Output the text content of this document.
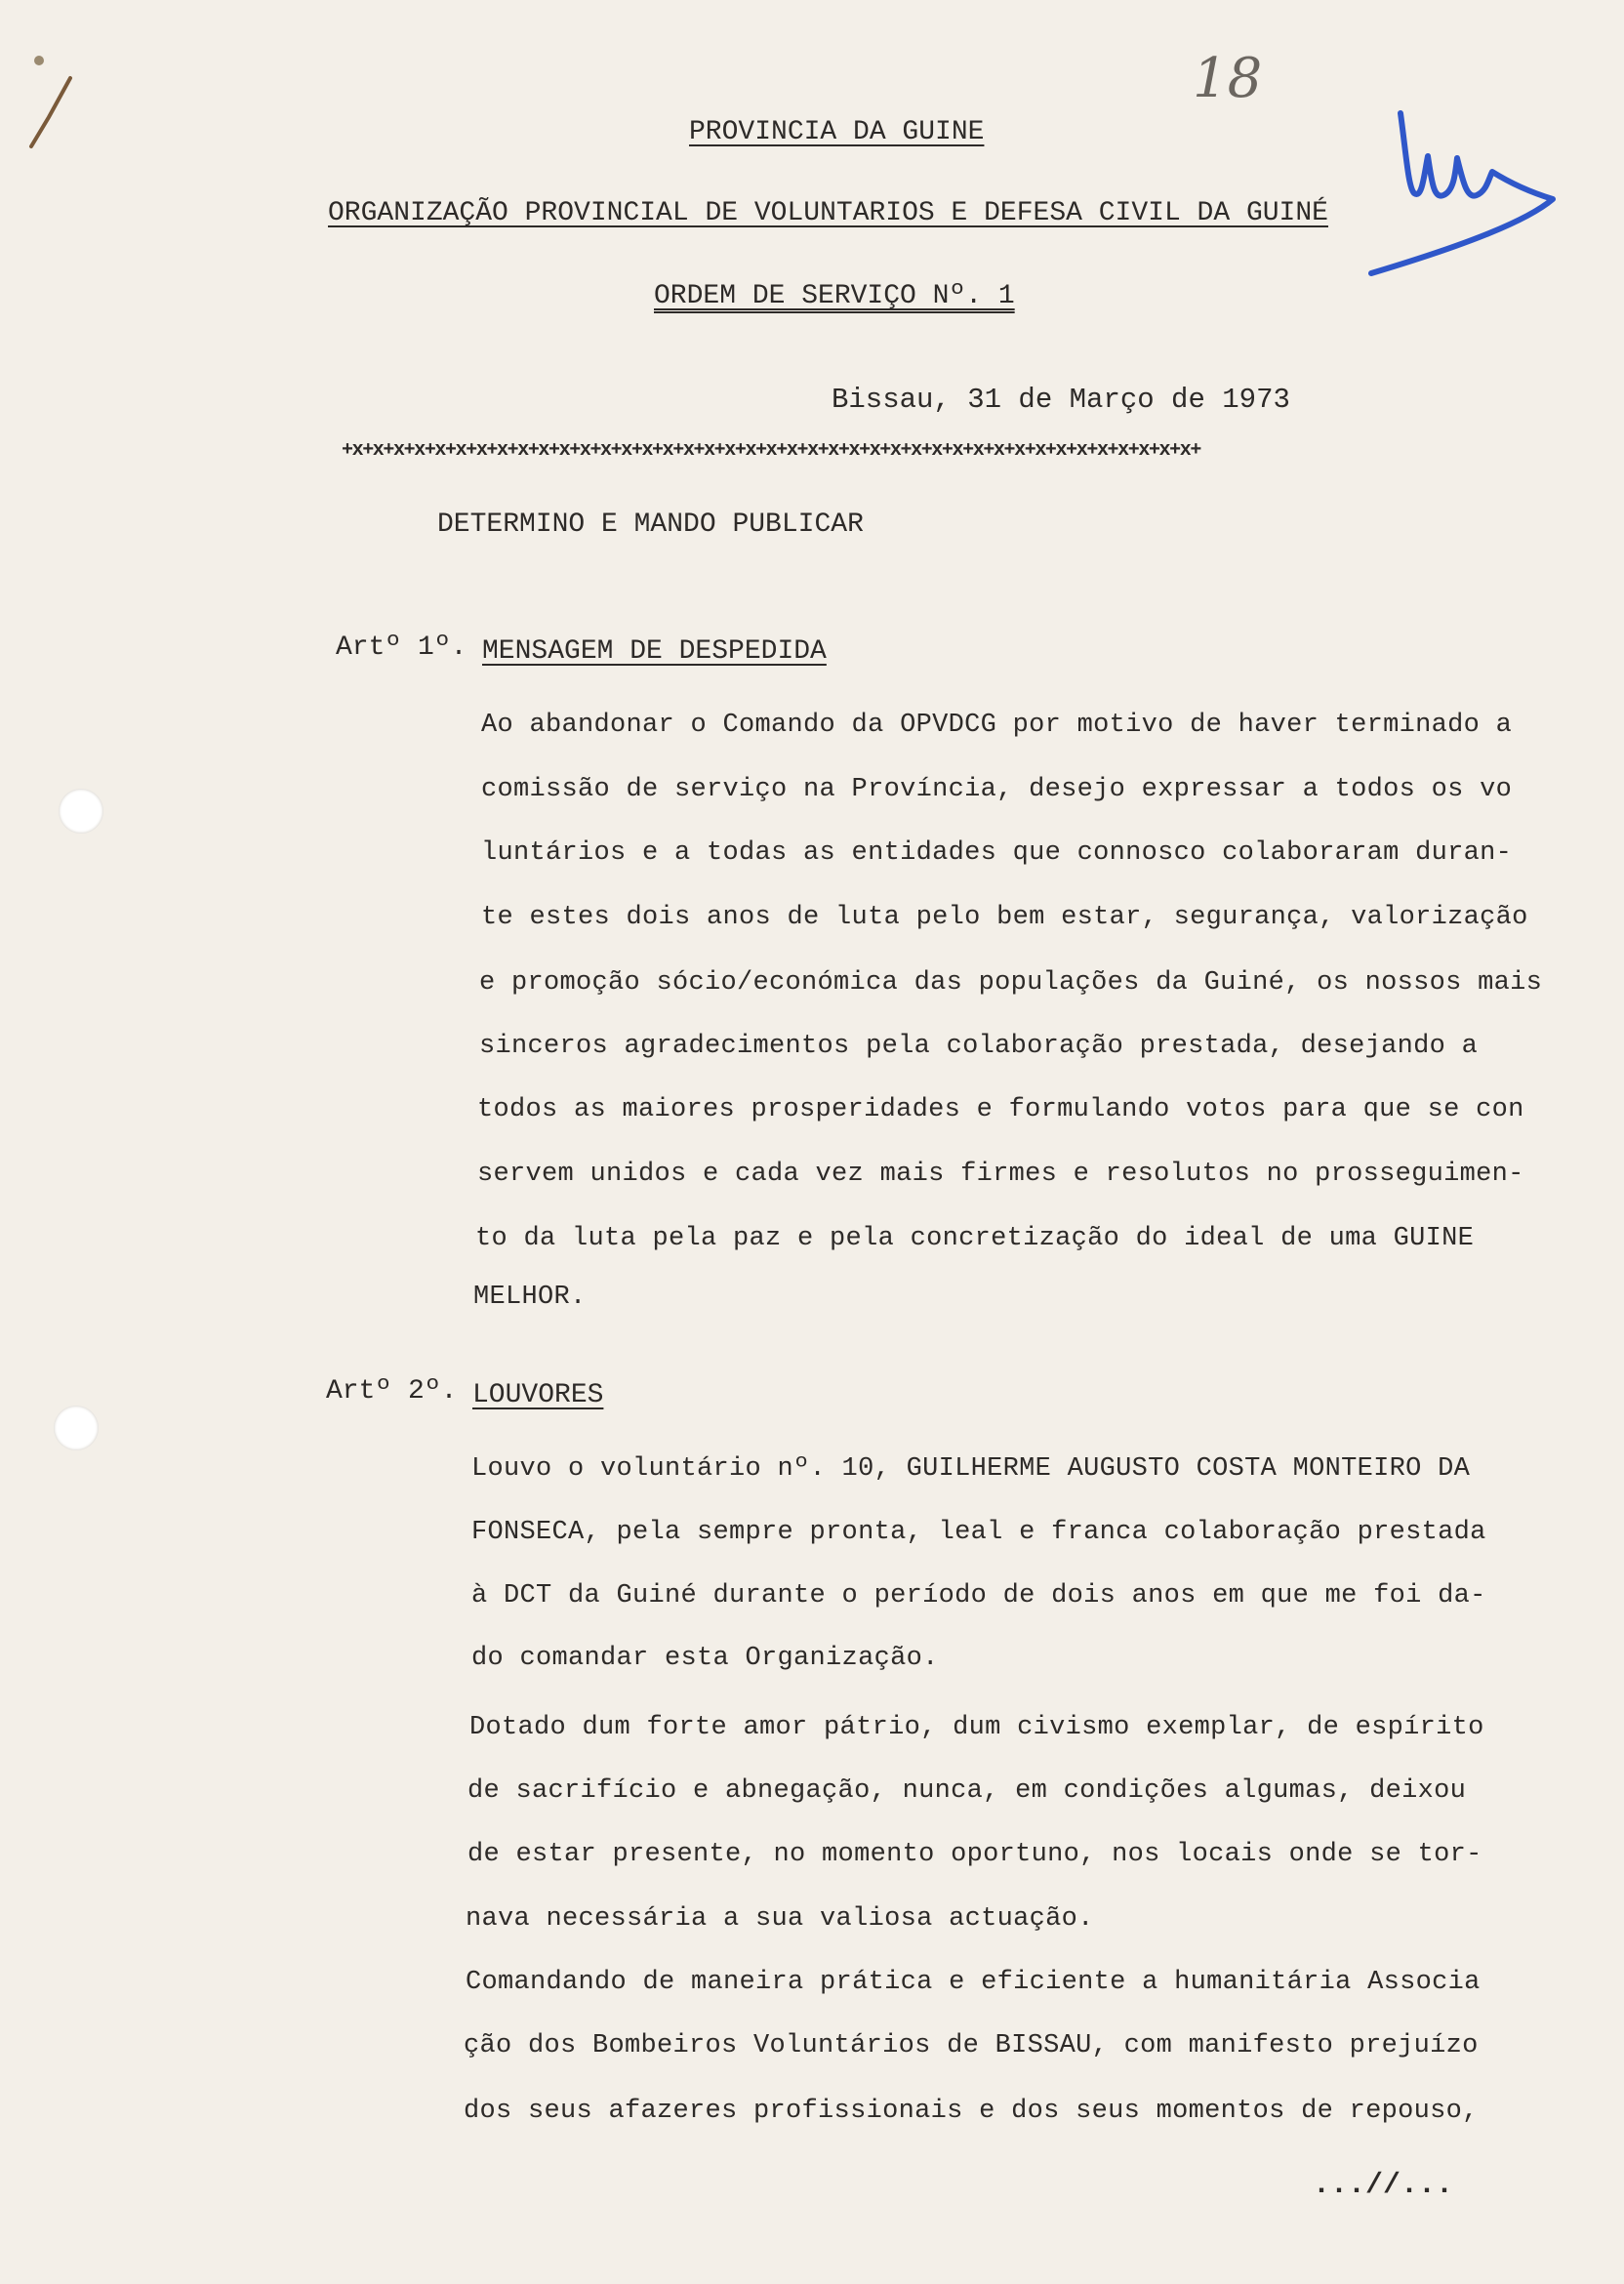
18
PROVINCIA DA GUINE
ORGANIZAÇÃO PROVINCIAL DE VOLUNTARIOS E DEFESA CIVIL DA GUINÉ
ORDEM DE SERVIÇO Nº. 1
Bissau, 31 de Março de 1973
+x+x+x+x+x+x+x+x+x+x+x+x+x+x+x+x+x+x+x+x+x+x+x+x+x+x+x+x+x+x+x+x+x+x+x+x+x+x+x+x+x+
DETERMINO E MANDO PUBLICAR
Artº 1º. MENSAGEM DE DESPEDIDA
Ao abandonar o Comando da OPVDCG por motivo de haver terminado a
comissão de serviço na Província, desejo expressar a todos os vo
luntários e a todas as entidades que connosco colaboraram duran-
te estes dois anos de luta pelo bem estar, segurança, valorização
e promoção sócio/económica das populações da Guiné, os nossos mais
sinceros agradecimentos pela colaboração prestada, desejando a
todos as maiores prosperidades e formulando votos para que se con
servem unidos e cada vez mais firmes e resolutos no prosseguimen-
to da luta pela paz e pela concretização do ideal de uma GUINE
MELHOR.
Artº 2º. LOUVORES
Louvo o voluntário nº. 10, GUILHERME AUGUSTO COSTA MONTEIRO DA
FONSECA, pela sempre pronta, leal e franca colaboração prestada
à DCT da Guiné durante o período de dois anos em que me foi da-
do comandar esta Organização.
Dotado dum forte amor pátrio, dum civismo exemplar, de espírito
de sacrifício e abnegação, nunca, em condições algumas, deixou
de estar presente, no momento oportuno, nos locais onde se tor-
nava necessária a sua valiosa actuação.
Comandando de maneira prática e eficiente a humanitária Associa
ção dos Bombeiros Voluntários de BISSAU, com manifesto prejuízo
dos seus afazeres profissionais e dos seus momentos de repouso,
...//...
